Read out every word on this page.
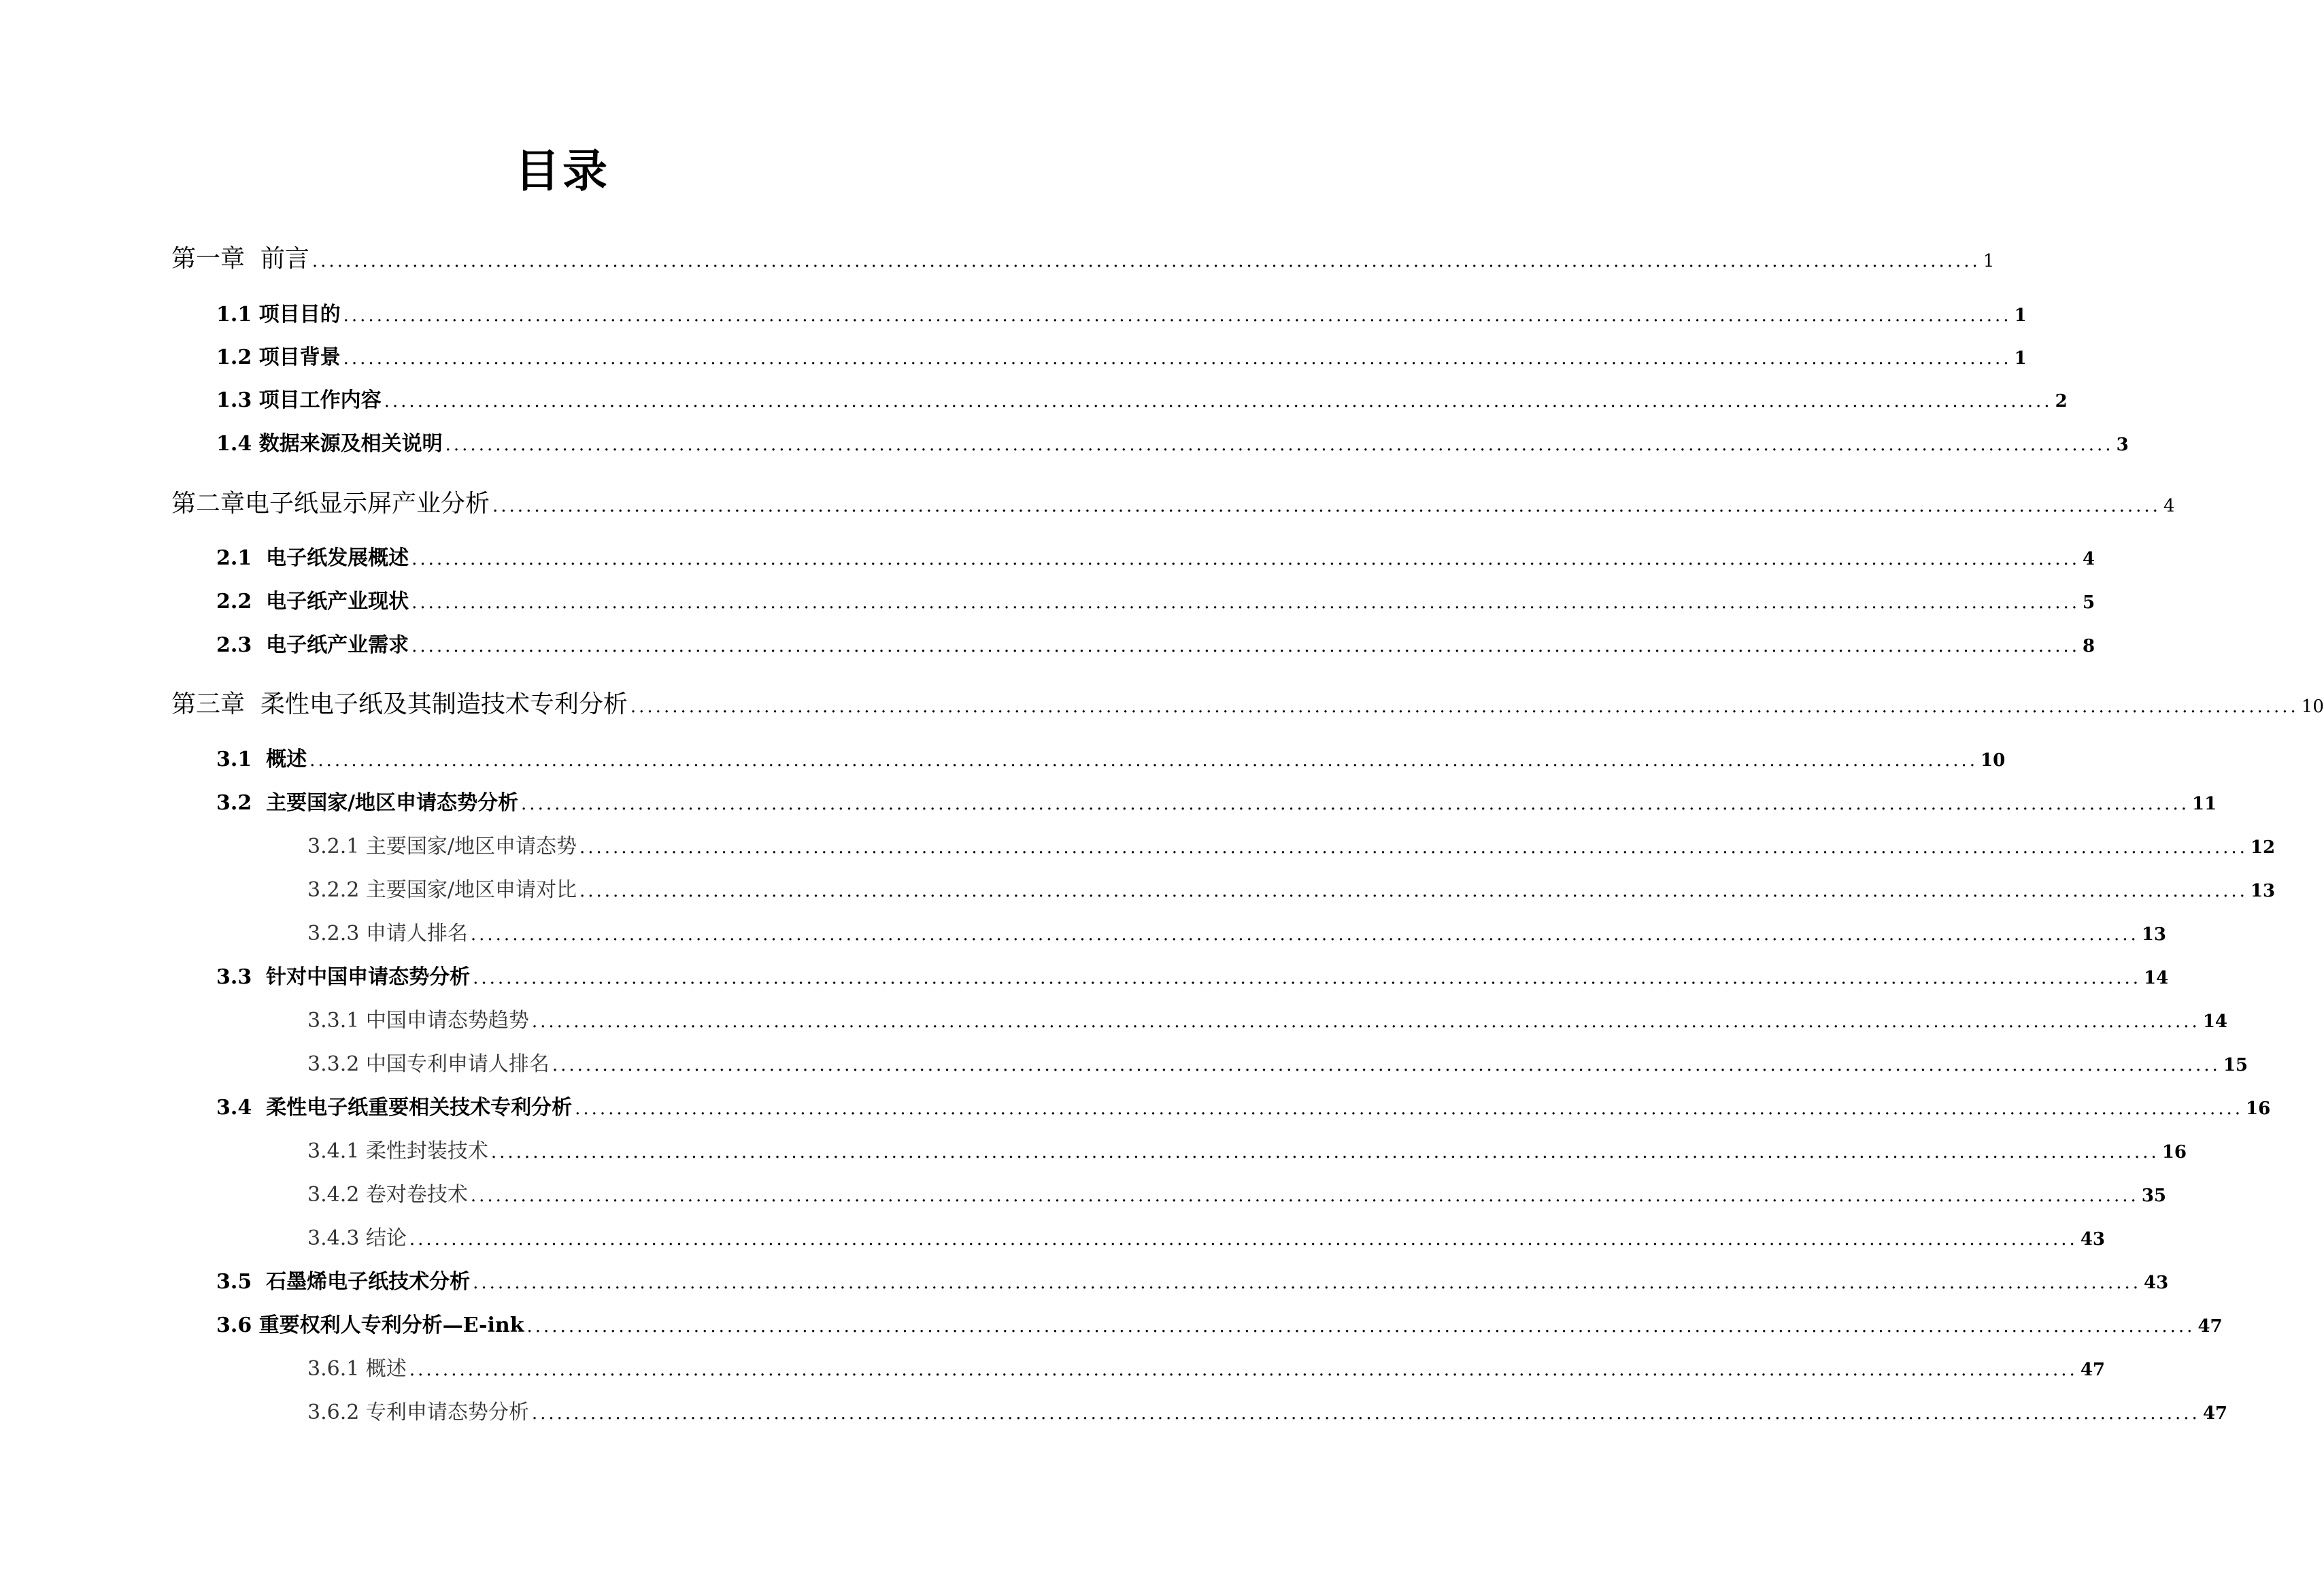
目录
第一章  前言 ........................................................................................................................................................................................................ 1
1.1 项目目的 ........................................................................................................................................................................................................ 1
1.2 项目背景 ........................................................................................................................................................................................................ 1
1.3 项目工作内容 ........................................................................................................................................................................................................ 2
1.4 数据来源及相关说明 ........................................................................................................................................................................................................ 3
第二章电子纸显示屏产业分析 ........................................................................................................................................................................................................ 4
2.1  电子纸发展概述 ........................................................................................................................................................................................................ 4
2.2  电子纸产业现状 ........................................................................................................................................................................................................ 5
2.3  电子纸产业需求 ........................................................................................................................................................................................................ 8
第三章  柔性电子纸及其制造技术专利分析 ........................................................................................................................................................................................................ 10
3.1  概述 ........................................................................................................................................................................................................ 10
3.2  主要国家/地区申请态势分析 ........................................................................................................................................................................................................ 11
3.2.1 主要国家/地区申请态势 ........................................................................................................................................................................................................ 12
3.2.2 主要国家/地区申请对比 ........................................................................................................................................................................................................ 13
3.2.3 申请人排名 ........................................................................................................................................................................................................ 13
3.3  针对中国申请态势分析 ........................................................................................................................................................................................................ 14
3.3.1 中国申请态势趋势 ........................................................................................................................................................................................................ 14
3.3.2 中国专利申请人排名 ........................................................................................................................................................................................................ 15
3.4  柔性电子纸重要相关技术专利分析 ........................................................................................................................................................................................................ 16
3.4.1 柔性封装技术 ........................................................................................................................................................................................................ 16
3.4.2 卷对卷技术 ........................................................................................................................................................................................................ 35
3.4.3 结论 ........................................................................................................................................................................................................ 43
3.5  石墨烯电子纸技术分析 ........................................................................................................................................................................................................ 43
3.6 重要权利人专利分析—E-ink ........................................................................................................................................................................................................ 47
3.6.1 概述 ........................................................................................................................................................................................................ 47
3.6.2 专利申请态势分析 ........................................................................................................................................................................................................ 47
